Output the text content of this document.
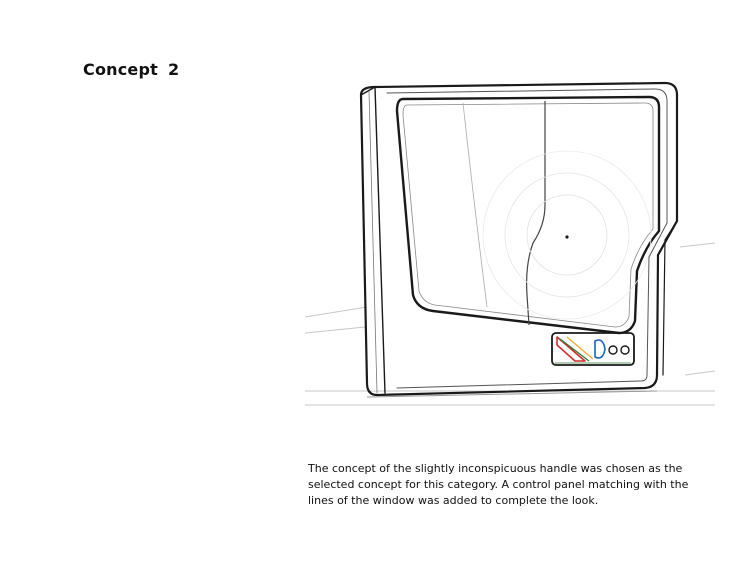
Concept 2
The concept of the slightly inconspicuous handle was chosen as the
selected concept for this category. A control panel matching with the
lines of the window was added to complete the look.
